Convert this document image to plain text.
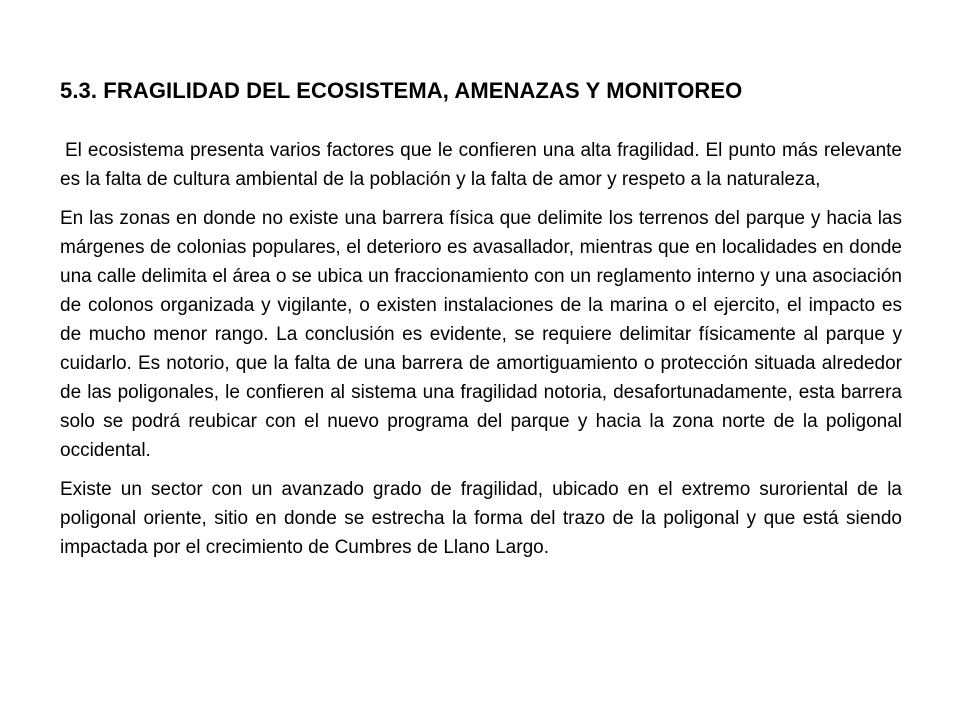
5.3. FRAGILIDAD DEL ECOSISTEMA, AMENAZAS Y MONITOREO

El ecosistema presenta varios factores que le confieren una alta fragilidad. El punto más relevante es la falta de cultura ambiental de la población y la falta de amor y respeto a la naturaleza,

En las zonas en donde no existe una barrera física que delimite los terrenos del parque y hacia las márgenes de colonias populares, el deterioro es avasallador, mientras que en localidades en donde una calle delimita el área o se ubica un fraccionamiento con un reglamento interno y una asociación de colonos organizada y vigilante, o existen instalaciones de la marina o el ejercito, el impacto es de mucho menor rango. La conclusión es evidente, se requiere delimitar físicamente al parque y cuidarlo. Es notorio, que la falta de una barrera de amortiguamiento o protección situada alrededor de las poligonales, le confieren al sistema una fragilidad notoria, desafortunadamente, esta barrera solo se podrá reubicar con el nuevo programa del parque y hacia la zona norte de la poligonal occidental.

Existe un sector con un avanzado grado de fragilidad, ubicado en el extremo suroriental de la poligonal oriente, sitio en donde se estrecha la forma del trazo de la poligonal y que está siendo impactada por el crecimiento de Cumbres de Llano Largo.
